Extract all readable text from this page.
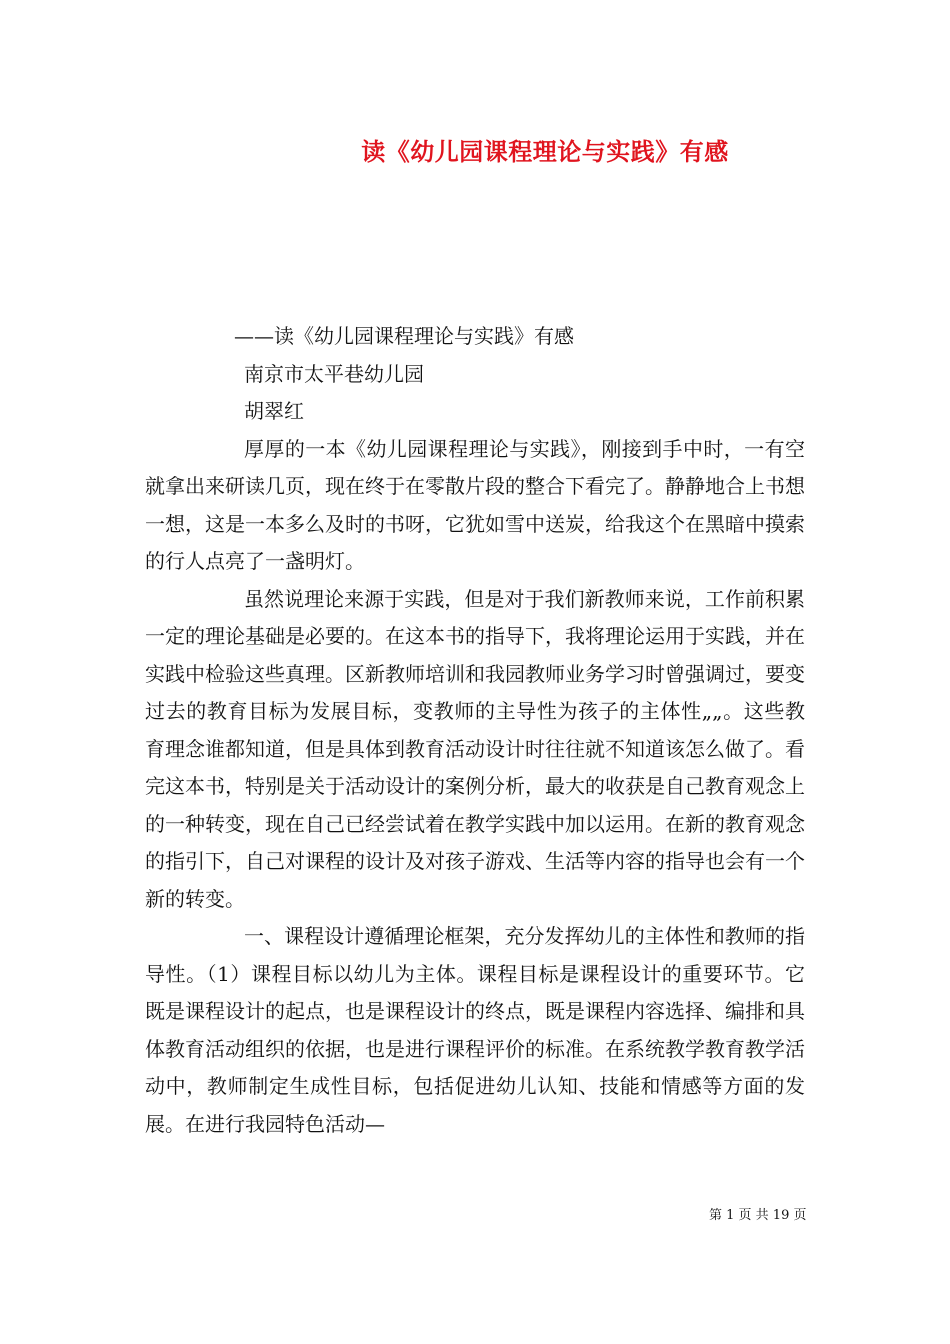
读《幼儿园课程理论与实践》有感

——读《幼儿园课程理论与实践》有感

南京市太平巷幼儿园

胡翠红

厚厚的一本《幼儿园课程理论与实践》，刚接到手中时，一有空就拿出来研读几页，现在终于在零散片段的整合下看完了。静静地合上书想一想，这是一本多么及时的书呀，它犹如雪中送炭，给我这个在黑暗中摸索的行人点亮了一盏明灯。

虽然说理论来源于实践，但是对于我们新教师来说，工作前积累一定的理论基础是必要的。在这本书的指导下，我将理论运用于实践，并在实践中检验这些真理。区新教师培训和我园教师业务学习时曾强调过，要变过去的教育目标为发展目标，变教师的主导性为孩子的主体性„„。这些教育理念谁都知道，但是具体到教育活动设计时往往就不知道该怎么做了。看完这本书，特别是关于活动设计的案例分析，最大的收获是自己教育观念上的一种转变，现在自己已经尝试着在教学实践中加以运用。在新的教育观念的指引下，自己对课程的设计及对孩子游戏、生活等内容的指导也会有一个新的转变。

一、课程设计遵循理论框架，充分发挥幼儿的主体性和教师的指导性。（1）课程目标以幼儿为主体。课程目标是课程设计的重要环节。它既是课程设计的起点，也是课程设计的终点，既是课程内容选择、编排和具体教育活动组织的依据，也是进行课程评价的标准。在系统教学教育教学活动中，教师制定生成性目标，包括促进幼儿认知、技能和情感等方面的发展。在进行我园特色活动—

第 1 页 共 19 页
